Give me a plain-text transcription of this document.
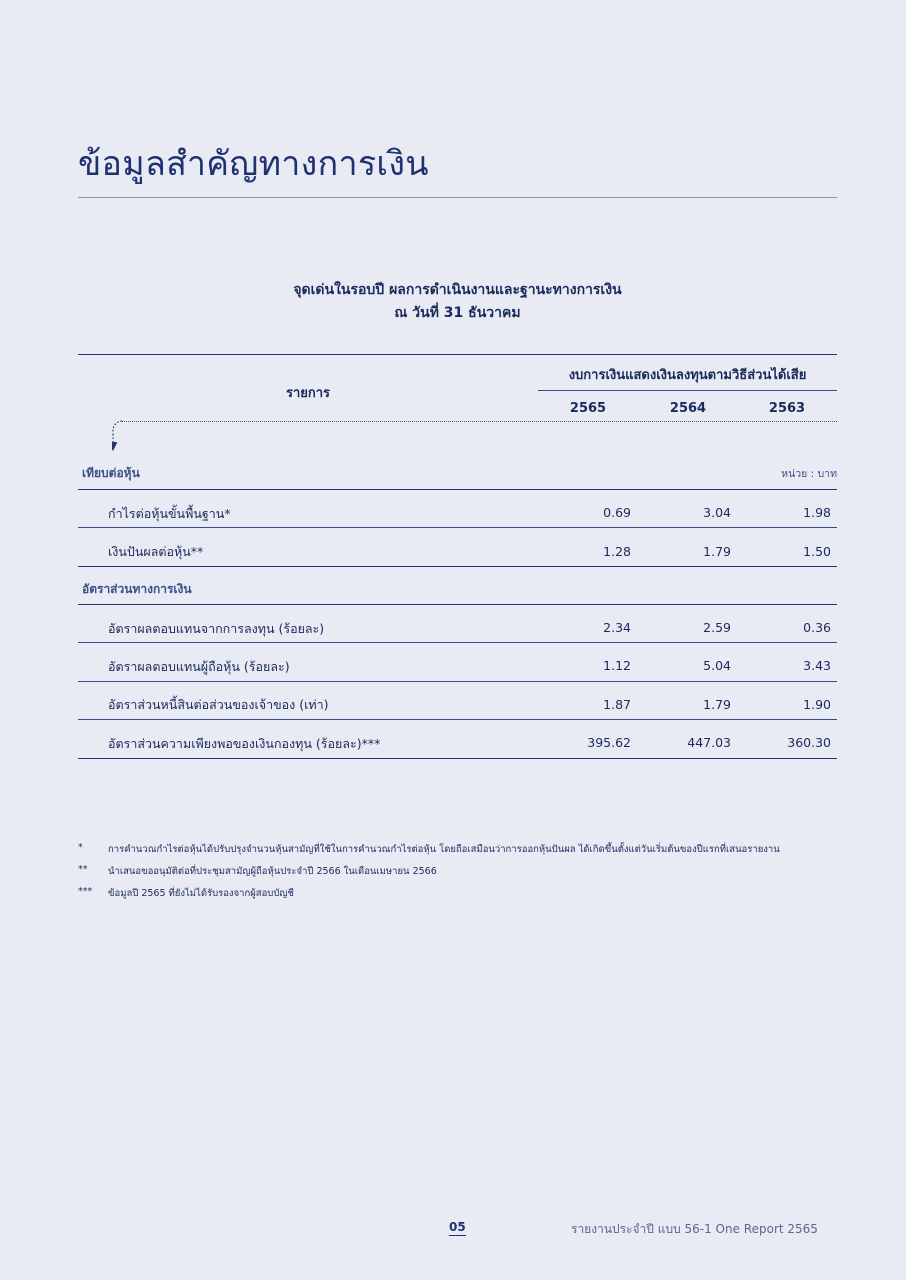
ข้อมูลสำคัญทางการเงิน
จุดเด่นในรอบปี ผลการดำเนินงานและฐานะทางการเงิน
ณ วันที่ 31 ธันวาคม
รายการ
งบการเงินแสดงเงินลงทุนตามวิธีส่วนได้เสีย
2565	2564	2563
เทียบต่อหุ้น	หน่วย : บาท
กำไรต่อหุ้นขั้นพื้นฐาน*	0.69	3.04	1.98
เงินปันผลต่อหุ้น**	1.28	1.79	1.50
อัตราส่วนทางการเงิน
อัตราผลตอบแทนจากการลงทุน (ร้อยละ)	2.34	2.59	0.36
อัตราผลตอบแทนผู้ถือหุ้น (ร้อยละ)	1.12	5.04	3.43
อัตราส่วนหนี้สินต่อส่วนของเจ้าของ (เท่า)	1.87	1.79	1.90
อัตราส่วนความเพียงพอของเงินกองทุน (ร้อยละ)***	395.62	447.03	360.30
*	การคำนวณกำไรต่อหุ้นได้ปรับปรุงจำนวนหุ้นสามัญที่ใช้ในการคำนวณกำไรต่อหุ้น โดยถือเสมือนว่าการออกหุ้นปันผล ได้เกิดขึ้นตั้งแต่วันเริ่มต้นของปีแรกที่เสนอรายงาน
**	นำเสนอขออนุมัติต่อที่ประชุมสามัญผู้ถือหุ้นประจำปี 2566 ในเดือนเมษายน 2566
***	ข้อมูลปี 2565 ที่ยังไม่ได้รับรองจากผู้สอบบัญชี
05	รายงานประจำปี แบบ 56-1 One Report 2565
